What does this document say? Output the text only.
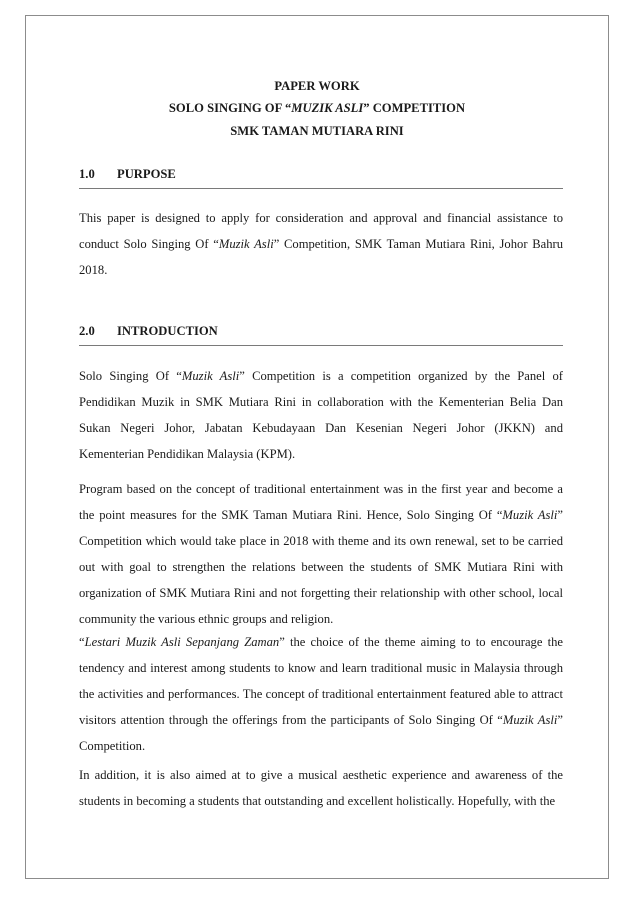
PAPER WORK
SOLO SINGING OF “MUZIK ASLI” COMPETITION
SMK TAMAN MUTIARA RINI
1.0 PURPOSE

This paper is designed to apply for consideration and approval and financial assistance to conduct Solo Singing Of “Muzik Asli” Competition, SMK Taman Mutiara Rini, Johor Bahru 2018.

2.0 INTRODUCTION

Solo Singing Of “Muzik Asli” Competition is a competition organized by the Panel of Pendidikan Muzik in SMK Mutiara Rini in collaboration with the Kementerian Belia Dan Sukan Negeri Johor, Jabatan Kebudayaan Dan Kesenian Negeri Johor (JKKN) and Kementerian Pendidikan Malaysia (KPM).

Program based on the concept of traditional entertainment was in the first year and become a the point measures for the SMK Taman Mutiara Rini. Hence, Solo Singing Of “Muzik Asli” Competition which would take place in 2018 with theme and its own renewal, set to be carried out with goal to strengthen the relations between the students of SMK Mutiara Rini with organization of SMK Mutiara Rini and not forgetting their relationship with other school, local community the various ethnic groups and religion.

“Lestari Muzik Asli Sepanjang Zaman” the choice of the theme aiming to to encourage the tendency and interest among students to know and learn traditional music in Malaysia through the activities and performances. The concept of traditional entertainment featured able to attract visitors attention through the offerings from the participants of Solo Singing Of “Muzik Asli” Competition.

In addition, it is also aimed at to give a musical aesthetic experience and awareness of the students in becoming a students that outstanding and excellent holistically. Hopefully, with the
